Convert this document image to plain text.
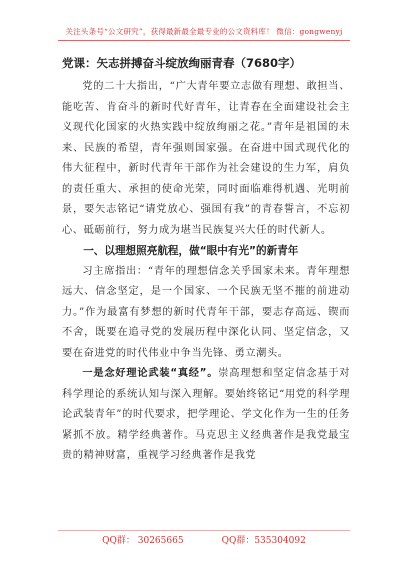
关注头条号“公文研究”，获得最新最全最专业的公文资料库！ 微信：gongwenyj

党课：矢志拼搏奋斗绽放绚丽青春（7680字）

党的二十大指出，“广大青年要立志做有理想、敢担当、能吃苦、肯奋斗的新时代好青年，让青春在全面建设社会主义现代化国家的火热实践中绽放绚丽之花。”青年是祖国的未来、民族的希望，青年强则国家强。在奋进中国式现代化的伟大征程中，新时代青年干部作为社会建设的生力军，肩负的责任重大、承担的使命光荣，同时面临难得机遇、光明前景，要矢志铭记“请党放心、强国有我”的青春誓言，不忘初心、砥砺前行，努力成为堪当民族复兴大任的时代新人。

一、以理想照亮航程，做“眼中有光”的新青年

习主席指出：“青年的理想信念关乎国家未来。青年理想远大、信念坚定，是一个国家、一个民族无坚不摧的前进动力。”作为最富有梦想的新时代青年干部，要志存高远、锲而不舍，既要在追寻党的发展历程中深化认同、坚定信念，又要在奋进党的时代伟业中争当先锋、勇立潮头。

一是念好理论武装“真经”。崇高理想和坚定信念基于对科学理论的系统认知与深入理解。要始终铭记“用党的科学理论武装青年”的时代要求，把学理论、学文化作为一生的任务紧抓不放。精学经典著作。马克思主义经典著作是我党最宝贵的精神财富，重视学习经典著作是我党

QQ群： 30265665	QQ群：535304092
